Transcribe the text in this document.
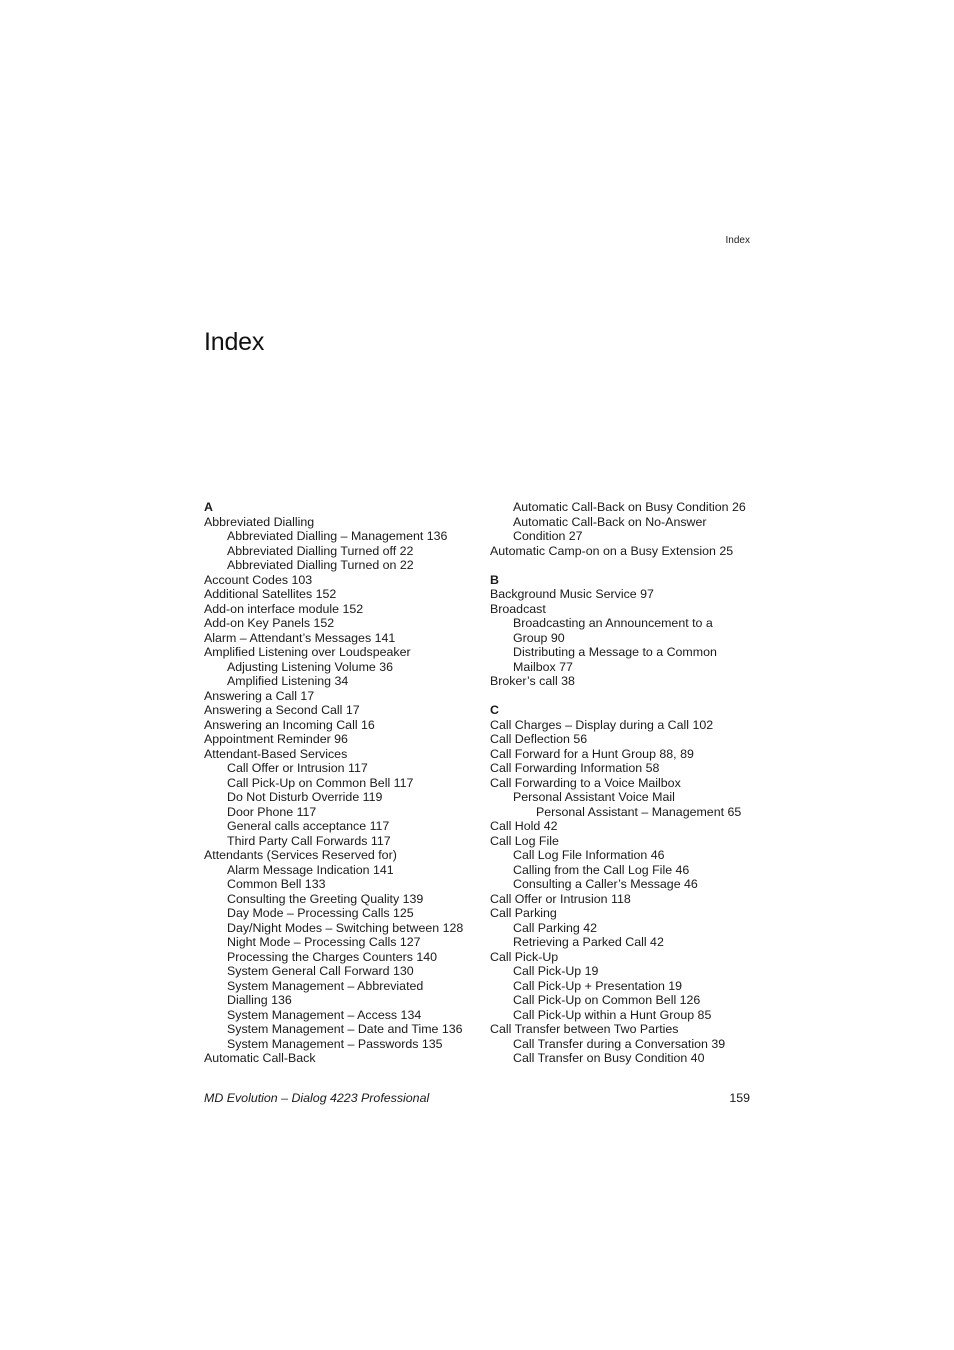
Index
Index
A
Abbreviated Dialling
Abbreviated Dialling – Management 136
Abbreviated Dialling Turned off 22
Abbreviated Dialling Turned on 22
Account Codes 103
Additional Satellites 152
Add-on interface module 152
Add-on Key Panels 152
Alarm – Attendant’s Messages 141
Amplified Listening over Loudspeaker
Adjusting Listening Volume 36
Amplified Listening 34
Answering a Call 17
Answering a Second Call 17
Answering an Incoming Call 16
Appointment Reminder 96
Attendant-Based Services
Call Offer or Intrusion 117
Call Pick-Up on Common Bell 117
Do Not Disturb Override 119
Door Phone 117
General calls acceptance 117
Third Party Call Forwards 117
Attendants (Services Reserved for)
Alarm Message Indication 141
Common Bell 133
Consulting the Greeting Quality 139
Day Mode – Processing Calls 125
Day/Night Modes – Switching between 128
Night Mode – Processing Calls 127
Processing the Charges Counters 140
System General Call Forward 130
System Management – Abbreviated
Dialling 136
System Management – Access 134
System Management – Date and Time 136
System Management – Passwords 135
Automatic Call-Back
Automatic Call-Back on Busy Condition 26
Automatic Call-Back on No-Answer
Condition 27
Automatic Camp-on on a Busy Extension 25
B
Background Music Service 97
Broadcast
Broadcasting an Announcement to a
Group 90
Distributing a Message to a Common
Mailbox 77
Broker’s call 38
C
Call Charges – Display during a Call 102
Call Deflection 56
Call Forward for a Hunt Group 88, 89
Call Forwarding Information 58
Call Forwarding to a Voice Mailbox
Personal Assistant Voice Mail
Personal Assistant – Management 65
Call Hold 42
Call Log File
Call Log File Information 46
Calling from the Call Log File 46
Consulting a Caller’s Message 46
Call Offer or Intrusion 118
Call Parking
Call Parking 42
Retrieving a Parked Call 42
Call Pick-Up
Call Pick-Up 19
Call Pick-Up + Presentation 19
Call Pick-Up on Common Bell 126
Call Pick-Up within a Hunt Group 85
Call Transfer between Two Parties
Call Transfer during a Conversation 39
Call Transfer on Busy Condition 40
MD Evolution – Dialog 4223 Professional	159
